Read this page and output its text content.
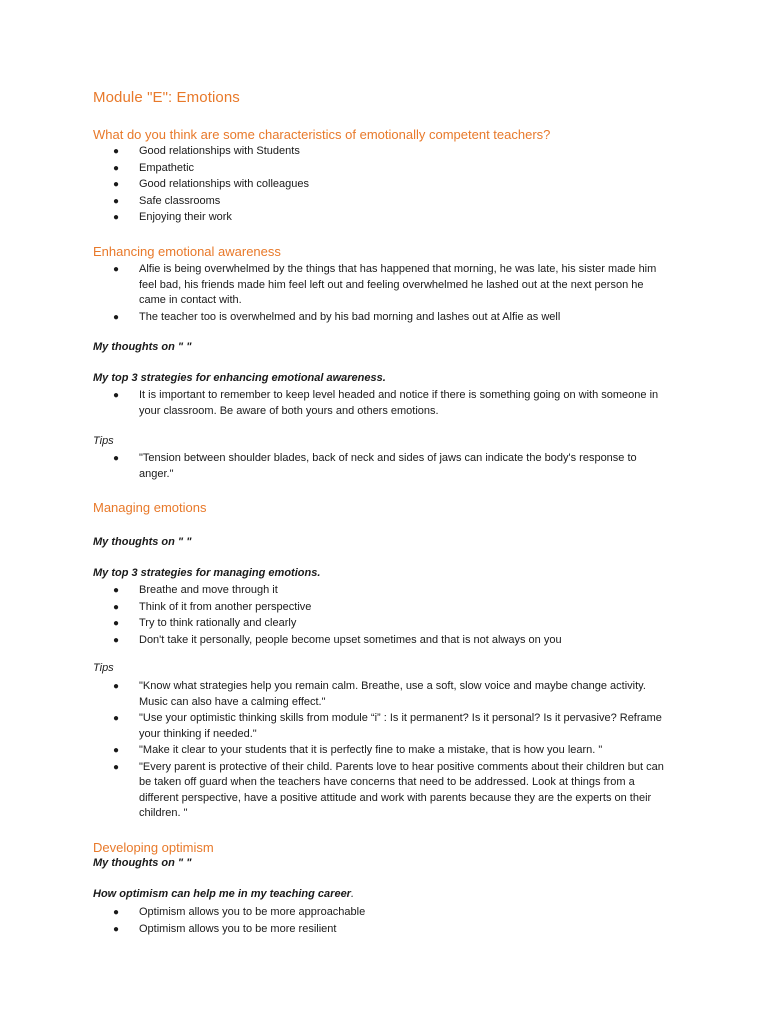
Module "E": Emotions
What do you think are some characteristics of emotionally competent teachers?
● Good relationships with Students
● Empathetic
● Good relationships with colleagues
● Safe classrooms
● Enjoying their work
Enhancing emotional awareness
● Alfie is being overwhelmed by the things that has happened that morning, he was late, his sister made him feel bad, his friends made him feel left out and feeling overwhelmed he lashed out at the next person he came in contact with.
● The teacher too is overwhelmed and by his bad morning and lashes out at Alfie as well

My thoughts on " "

My top 3 strategies for enhancing emotional awareness.

● It is important to remember to keep level headed and notice if there is something going on with someone in your classroom. Be aware of both yours and others emotions.

Tips

● "Tension between shoulder blades, back of neck and sides of jaws can indicate the body's response to anger."
Managing emotions

My thoughts on " "

My top 3 strategies for managing emotions.

● Breathe and move through it
● Think of it from another perspective
● Try to think rationally and clearly
● Don't take it personally, people become upset sometimes and that is not always on you

Tips

● "Know what strategies help you remain calm. Breathe, use a soft, slow voice and maybe change activity. Music can also have a calming effect."
● "Use your optimistic thinking skills from module “i” : Is it permanent? Is it personal? Is it pervasive? Reframe your thinking if needed."
● "Make it clear to your students that it is perfectly fine to make a mistake, that is how you learn. "
● "Every parent is protective of their child. Parents love to hear positive comments about their children but can be taken off guard when the teachers have concerns that need to be addressed. Look at things from a different perspective, have a positive attitude and work with parents because they are the experts on their children. "
Developing optimism

My thoughts on " "

How optimism can help me in my teaching career.

● Optimism allows you to be more approachable
● Optimism allows you to be more resilient
